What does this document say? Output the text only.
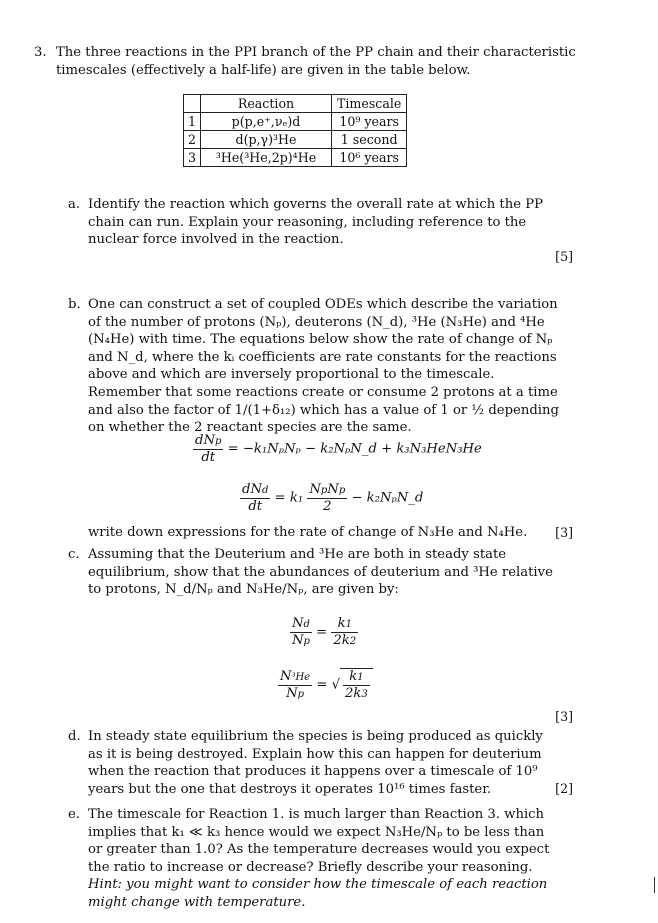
3. The three reactions in the PPI branch of the PP chain and their characteristic timescales (effectively a half-life) are given in the table below.
	Reaction	Timescale
1	p(p,e⁺,νₑ)d	10⁹ years
2	d(p,γ)³He	1 second
3	³He(³He,2p)⁴He	10⁶ years
a. Identify the reaction which governs the overall rate at which the PP chain can run. Explain your reasoning, including reference to the nuclear force involved in the reaction.
[5]
b. One can construct a set of coupled ODEs which describe the variation of the number of protons (Nₚ), deuterons (N_d), ³He (N₃He) and ⁴He (N₄He) with time. The equations below show the rate of change of Nₚ and N_d, where the kᵢ coefficients are rate constants for the reactions above and which are inversely proportional to the timescale. Remember that some reactions create or consume 2 protons at a time and also the factor of 1/(1+δ₁₂) which has a value of 1 or ½ depending on whether the 2 reactant species are the same.
$\frac{\text{dNp}}{dt} = -k_1N_pN_p$ − k₂NₚN_d + k₃N₃HeN₃He
$\frac{\text{dNd}}{dt} = k_1 \frac{\text{NpNp}}{2}$ − k₂NₚN_d
write down expressions for the rate of change of N₃He and N₄He.	[3]
c. Assuming that the Deuterium and ³He are both in steady state equilibrium, show that the abundances of deuterium and ³He relative to protons, N_d/Nₚ and N₃He/Nₚ, are given by:
$\frac{Nd}{Np} = \frac{k1}{2k2}$
$\frac{\text{N³He}}{Np}$ = √ $\frac{k1}{2k3}$
[3]
d. In steady state equilibrium the species is being produced as quickly as it is being destroyed. Explain how this can happen for deuterium when the reaction that produces it happens over a timescale of 10⁹ years but the one that destroys it operates 10¹⁶ times faster.	[2]
e. The timescale for Reaction 1. is much larger than Reaction 3. which implies that k₁ ≪ k₃ hence would we expect N₃He/Nₚ to be less than or greater than 1.0? As the temperature decreases would you expect the ratio to increase or decrease? Briefly describe your reasoning. Hint: you might want to consider how the timescale of each reaction might change with temperature.
